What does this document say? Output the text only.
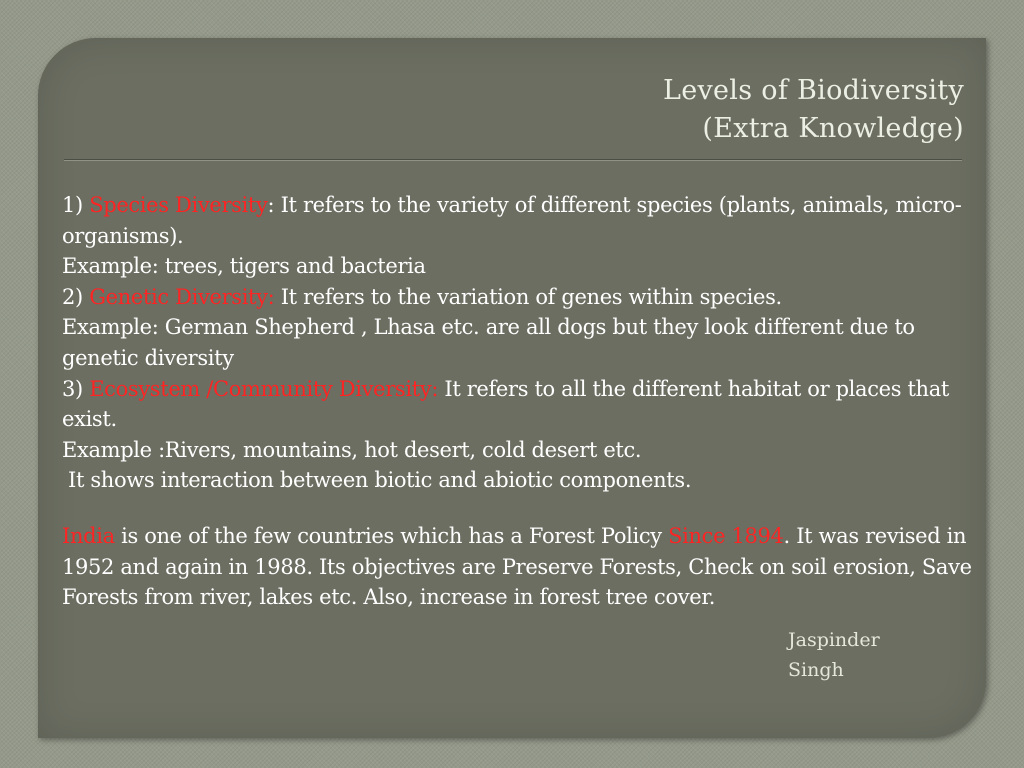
Levels of Biodiversity
(Extra Knowledge)

1) Species Diversity: It refers to the variety of different species (plants, animals, micro-organisms).

Example: trees, tigers and bacteria

2) Genetic Diversity: It refers to the variation of genes within species.

Example: German Shepherd , Lhasa etc. are all dogs but they look different due to genetic diversity

3) Ecosystem /Community Diversity: It refers to all the different habitat or places that exist.

Example :Rivers, mountains, hot desert, cold desert etc.

It shows interaction between biotic and abiotic components.

India is one of the few countries which has a Forest Policy Since 1894. It was revised in 1952 and again in 1988. Its objectives are Preserve Forests, Check on soil erosion, Save Forests from river, lakes etc. Also, increase in forest tree cover.

Jaspinder
Singh
